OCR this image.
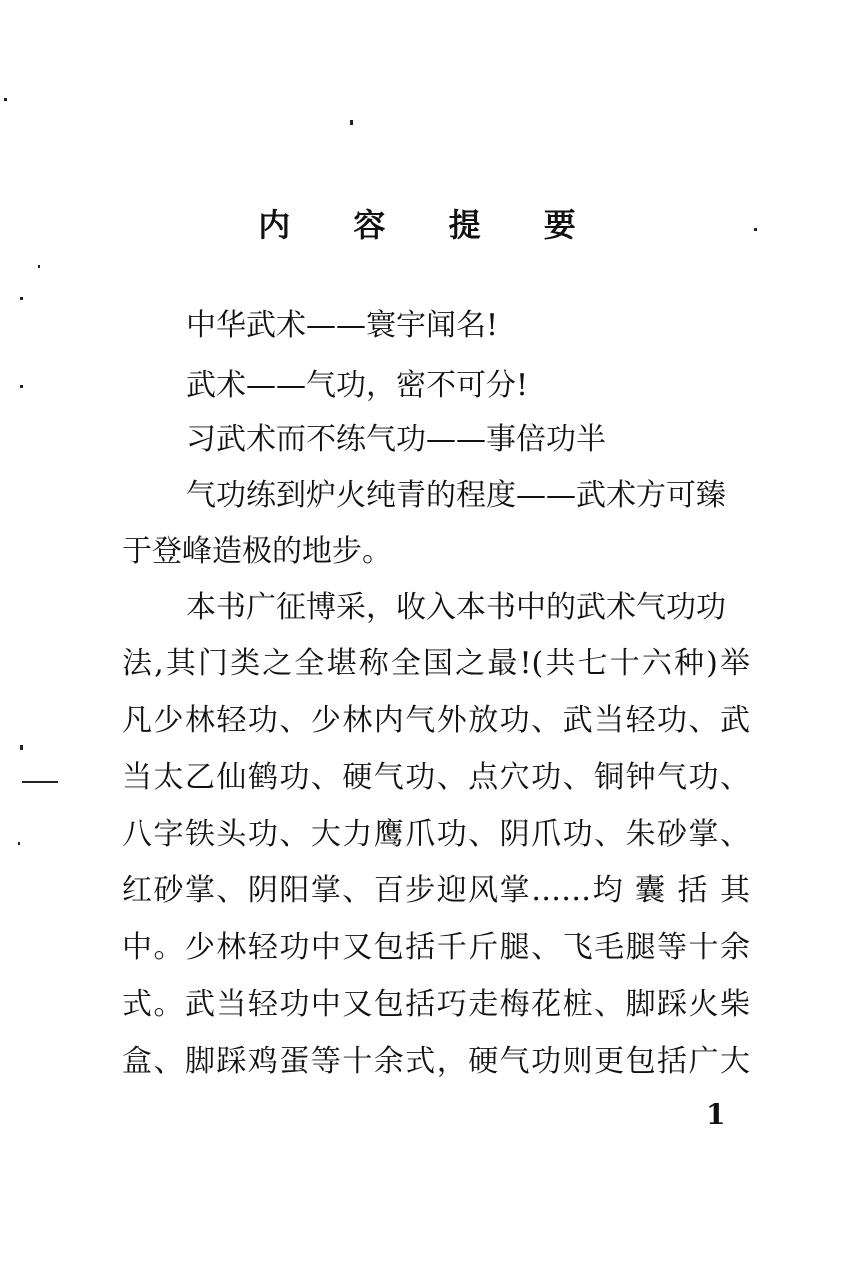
内 容 提 要
中华武术——寰宇闻名!
武术——气功，密不可分!
习武术而不练气功——事倍功半
气功练到炉火纯青的程度——武术方可臻
于登峰造极的地步。
本书广征博采，收入本书中的武术气功功
法,其门类之全堪称全国之最!(共七十六种)举
凡少林轻功、少林内气外放功、武当轻功、武
当太乙仙鹤功、硬气功、点穴功、铜钟气功、
八字铁头功、大力鹰爪功、阴爪功、朱砂掌、
红砂掌、阴阳掌、百步迎风掌……均 囊 括 其
中。少林轻功中又包括千斤腿、飞毛腿等十余
式。武当轻功中又包括巧走梅花桩、脚踩火柴
盒、脚踩鸡蛋等十余式，硬气功则更包括广大
1
